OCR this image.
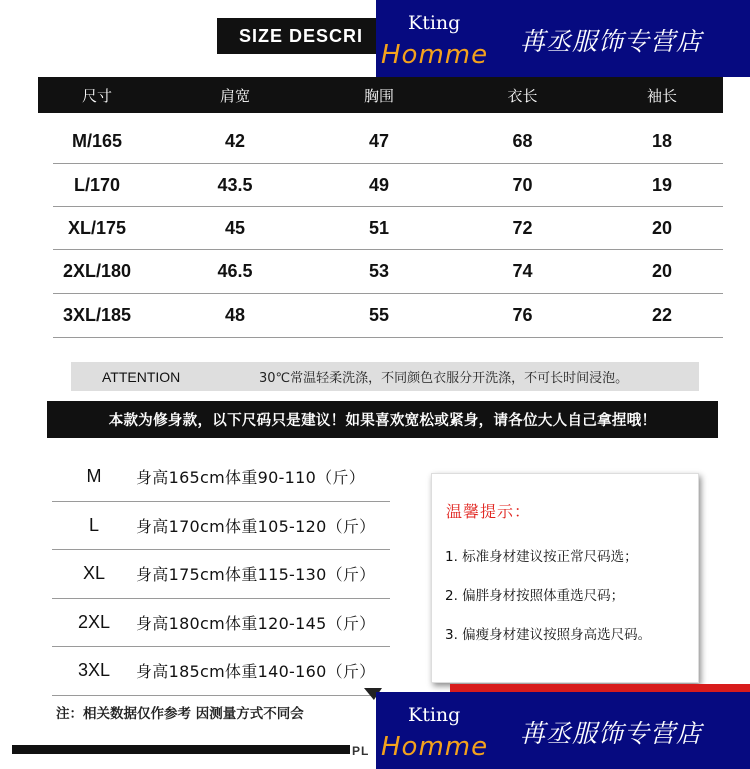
SIZE DESCRI
Kting
Homme 苒丞服饰专营店
尺寸	肩宽	胸围	衣长	袖长
M/165	42	47	68	18
L/170	43.5	49	70	19
XL/175	45	51	72	20
2XL/180	46.5	53	74	20
3XL/185	48	55	76	22
ATTENTION	30℃常温轻柔洗涤，不同颜色衣服分开洗涤，不可长时间浸泡。
本款为修身款，以下尺码只是建议！如果喜欢宽松或紧身，请各位大人自己拿捏哦！
M	身高165cm体重90-110（斤）
L	身高170cm体重105-120（斤）
XL	身高175cm体重115-130（斤）
2XL	身高180cm体重120-145（斤）
3XL	身高185cm体重140-160（斤）
注：相关数据仅作参考 因测量方式不同会
温馨提示：
1. 标准身材建议按正常尺码选；
2. 偏胖身材按照体重选尺码；
3. 偏瘦身材建议按照身高选尺码。
PL
Kting
Homme 苒丞服饰专营店
